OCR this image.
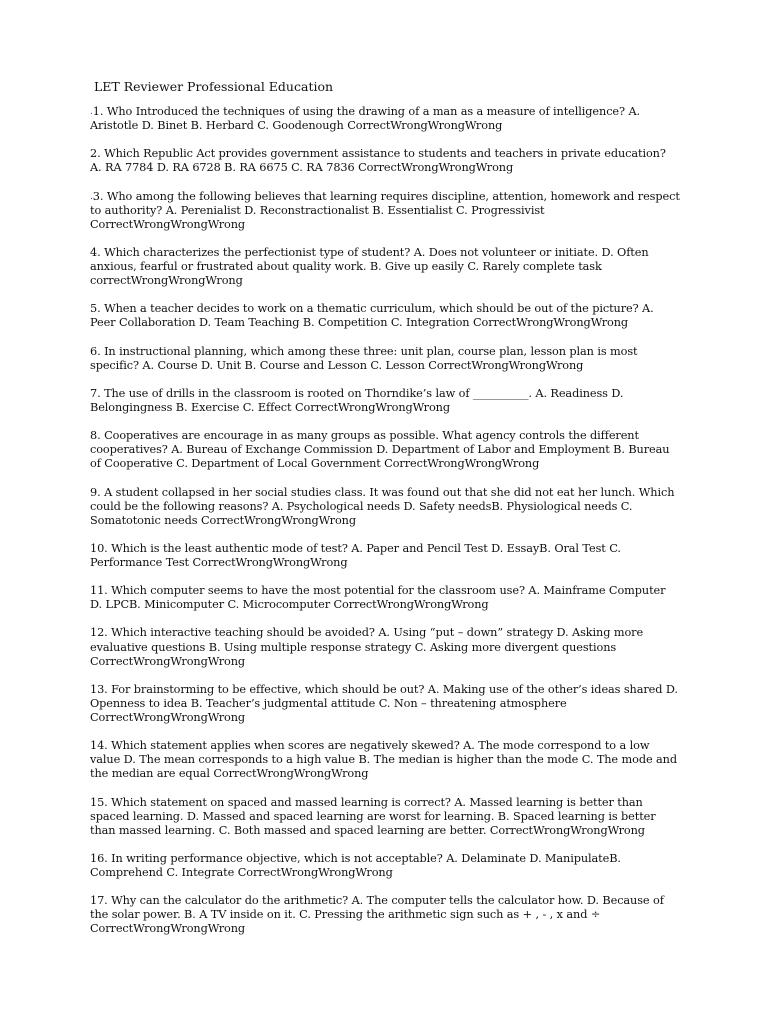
LET Reviewer Professional Education
.1. Who Introduced the techniques of using the drawing of a man as a measure of intelligence? A. Aristotle D. Binet B. Herbard C. Goodenough CorrectWrongWrongWrong
2. Which Republic Act provides government assistance to students and teachers in private education? A. RA 7784 D. RA 6728 B. RA 6675 C. RA 7836 CorrectWrongWrongWrong
.3. Who among the following believes that learning requires discipline, attention, homework and respect to authority? A. Perenialist D. Reconstractionalist B. Essentialist C. Progressivist CorrectWrongWrongWrong
4. Which characterizes the perfectionist type of student? A. Does not volunteer or initiate. D. Often anxious, fearful or frustrated about quality work. B. Give up easily C. Rarely complete task correctWrongWrongWrong
5. When a teacher decides to work on a thematic curriculum, which should be out of the picture? A. Peer Collaboration D. Team Teaching B. Competition C. Integration CorrectWrongWrongWrong
6. In instructional planning, which among these three: unit plan, course plan, lesson plan is most specific? A. Course D. Unit B. Course and Lesson C. Lesson CorrectWrongWrongWrong
7. The use of drills in the classroom is rooted on Thorndike’s law of __________. A. Readiness D. Belongingness B. Exercise C. Effect CorrectWrongWrongWrong
8. Cooperatives are encourage in as many groups as possible. What agency controls the different cooperatives? A. Bureau of Exchange Commission D. Department of Labor and Employment B. Bureau of Cooperative C. Department of Local Government CorrectWrongWrongWrong
9. A student collapsed in her social studies class. It was found out that she did not eat her lunch. Which could be the following reasons? A. Psychological needs D. Safety needsB. Physiological needs C. Somatotonic needs CorrectWrongWrongWrong
10. Which is the least authentic mode of test? A. Paper and Pencil Test D. EssayB. Oral Test C. Performance Test CorrectWrongWrongWrong
11. Which computer seems to have the most potential for the classroom use? A. Mainframe Computer D. LPCB. Minicomputer C. Microcomputer CorrectWrongWrongWrong
12. Which interactive teaching should be avoided? A. Using “put – down” strategy D. Asking more evaluative questions B. Using multiple response strategy C. Asking more divergent questions CorrectWrongWrongWrong
13. For brainstorming to be effective, which should be out? A. Making use of the other’s ideas shared D. Openness to idea B. Teacher’s judgmental attitude C. Non – threatening atmosphere CorrectWrongWrongWrong
14. Which statement applies when scores are negatively skewed? A. The mode correspond to a low value D. The mean corresponds to a high value B. The median is higher than the mode C. The mode and the median are equal CorrectWrongWrongWrong
15. Which statement on spaced and massed learning is correct? A. Massed learning is better than spaced learning. D. Massed and spaced learning are worst for learning. B. Spaced learning is better than massed learning. C. Both massed and spaced learning are better. CorrectWrongWrongWrong
16. In writing performance objective, which is not acceptable? A. Delaminate D. ManipulateB. Comprehend C. Integrate CorrectWrongWrongWrong
17. Why can the calculator do the arithmetic? A. The computer tells the calculator how. D. Because of the solar power. B. A TV inside on it. C. Pressing the arithmetic sign such as + , - , x and ÷ CorrectWrongWrongWrong
